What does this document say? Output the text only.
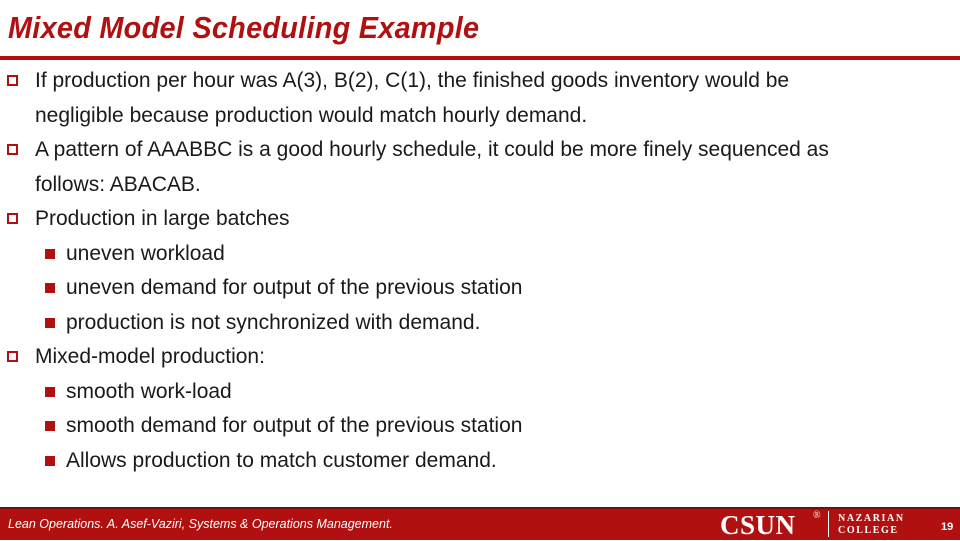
Mixed Model Scheduling Example
If production per hour was A(3), B(2), C(1), the finished goods inventory would be
negligible because production would match hourly demand.
A pattern of AAABBC is a good hourly schedule, it could be more finely sequenced as
follows: ABACAB.
Production in large batches
uneven workload
uneven demand for output of the previous station
production is not synchronized with demand.
Mixed-model production:
smooth work-load
smooth demand for output of the previous station
Allows production to match customer demand.
Lean Operations. A. Asef-Vaziri, Systems & Operations Management.	CSUN ® NAZARIAN
COLLEGE	19
